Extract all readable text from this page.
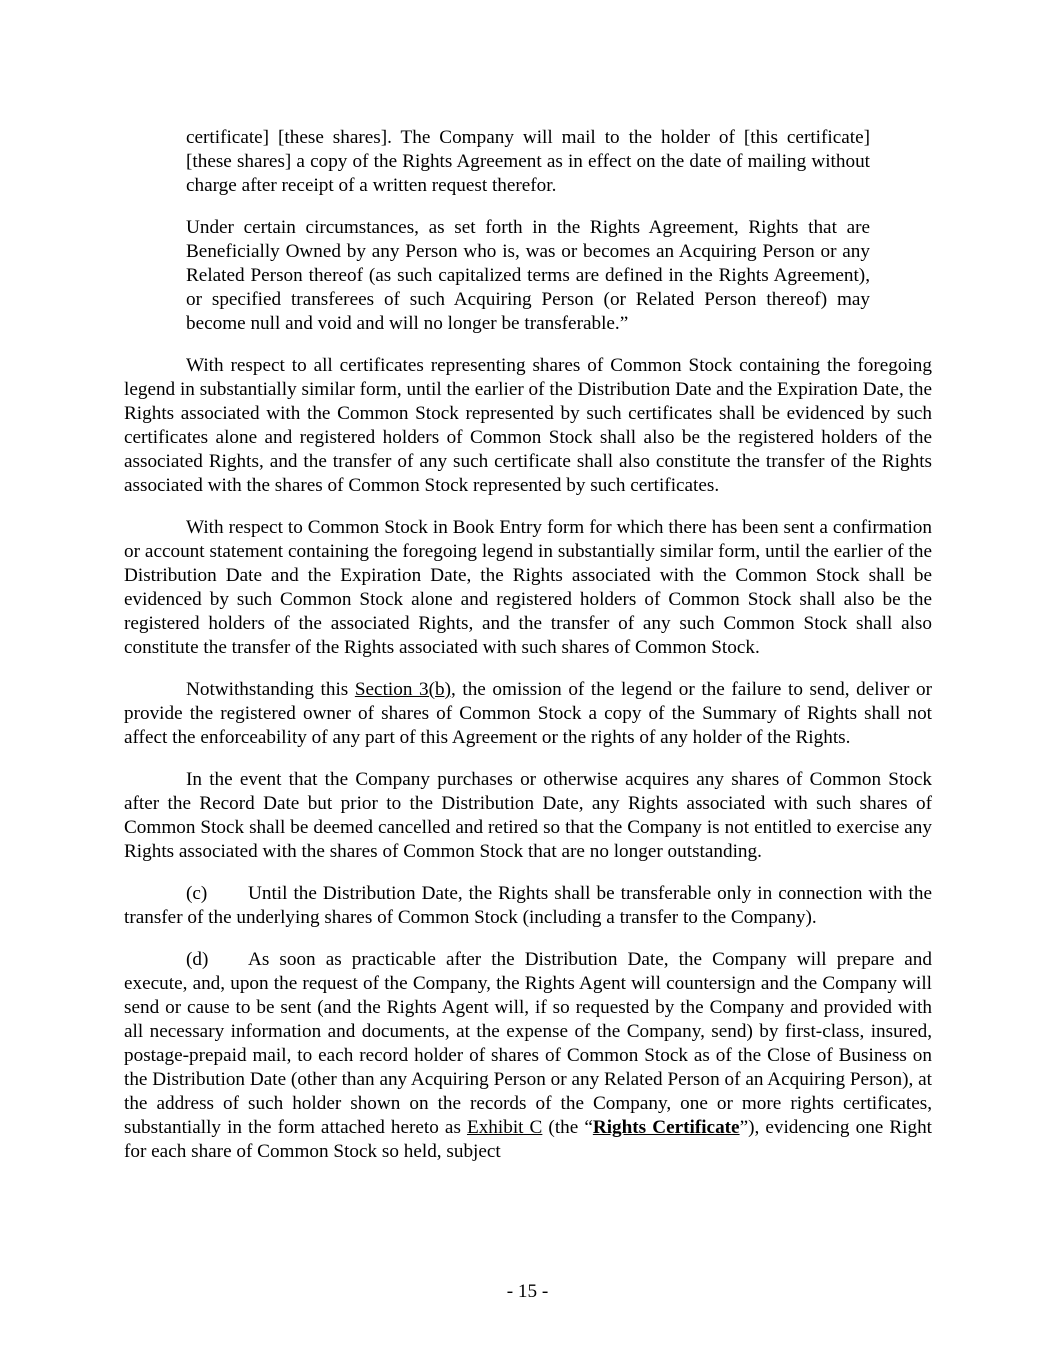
certificate] [these shares]. The Company will mail to the holder of [this certificate] [these shares] a copy of the Rights Agreement as in effect on the date of mailing without charge after receipt of a written request therefor.

Under certain circumstances, as set forth in the Rights Agreement, Rights that are Beneficially Owned by any Person who is, was or becomes an Acquiring Person or any Related Person thereof (as such capitalized terms are defined in the Rights Agreement), or specified transferees of such Acquiring Person (or Related Person thereof) may become null and void and will no longer be transferable.”

With respect to all certificates representing shares of Common Stock containing the foregoing legend in substantially similar form, until the earlier of the Distribution Date and the Expiration Date, the Rights associated with the Common Stock represented by such certificates shall be evidenced by such certificates alone and registered holders of Common Stock shall also be the registered holders of the associated Rights, and the transfer of any such certificate shall also constitute the transfer of the Rights associated with the shares of Common Stock represented by such certificates.

With respect to Common Stock in Book Entry form for which there has been sent a confirmation or account statement containing the foregoing legend in substantially similar form, until the earlier of the Distribution Date and the Expiration Date, the Rights associated with the Common Stock shall be evidenced by such Common Stock alone and registered holders of Common Stock shall also be the registered holders of the associated Rights, and the transfer of any such Common Stock shall also constitute the transfer of the Rights associated with such shares of Common Stock.

Notwithstanding this Section 3(b), the omission of the legend or the failure to send, deliver or provide the registered owner of shares of Common Stock a copy of the Summary of Rights shall not affect the enforceability of any part of this Agreement or the rights of any holder of the Rights.

In the event that the Company purchases or otherwise acquires any shares of Common Stock after the Record Date but prior to the Distribution Date, any Rights associated with such shares of Common Stock shall be deemed cancelled and retired so that the Company is not entitled to exercise any Rights associated with the shares of Common Stock that are no longer outstanding.

(c) Until the Distribution Date, the Rights shall be transferable only in connection with the transfer of the underlying shares of Common Stock (including a transfer to the Company).

(d) As soon as practicable after the Distribution Date, the Company will prepare and execute, and, upon the request of the Company, the Rights Agent will countersign and the Company will send or cause to be sent (and the Rights Agent will, if so requested by the Company and provided with all necessary information and documents, at the expense of the Company, send) by first-class, insured, postage-prepaid mail, to each record holder of shares of Common Stock as of the Close of Business on the Distribution Date (other than any Acquiring Person or any Related Person of an Acquiring Person), at the address of such holder shown on the records of the Company, one or more rights certificates, substantially in the form attached hereto as Exhibit C (the “Rights Certificate”), evidencing one Right for each share of Common Stock so held, subject

- 15 -
